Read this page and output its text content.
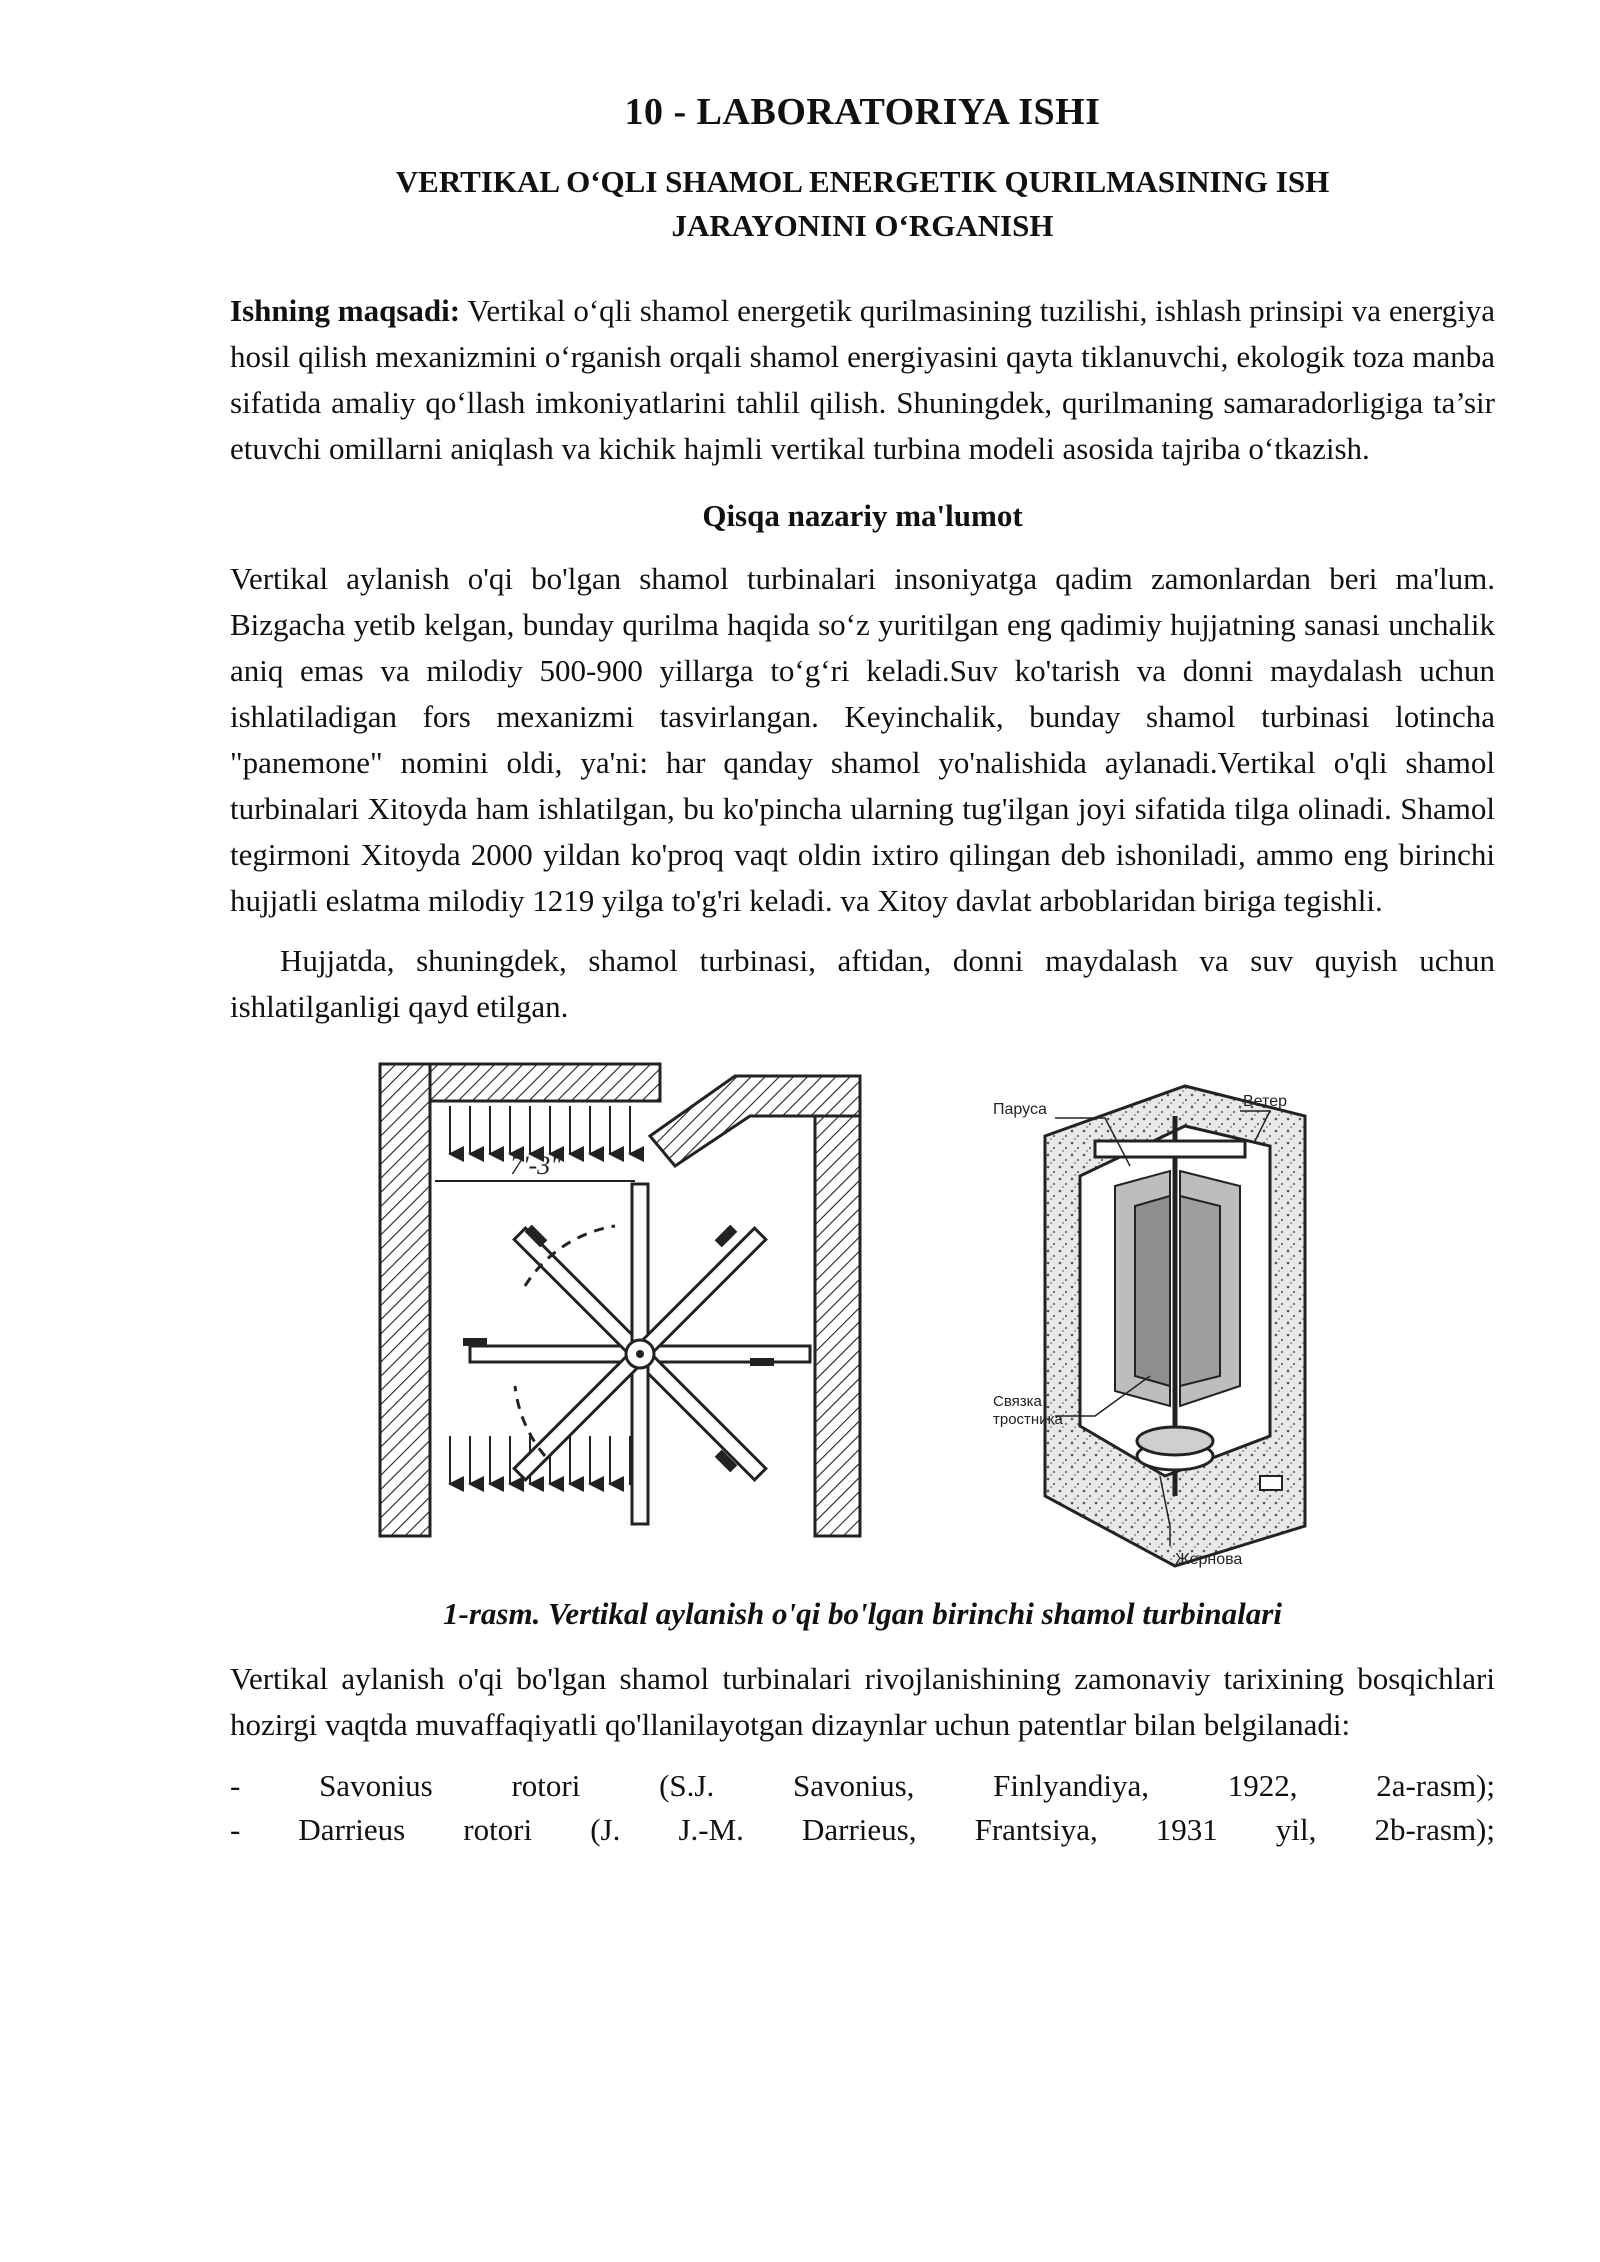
10 - LABORATORIYA ISHI
VERTIKAL O‘QLI SHAMOL ENERGETIK QURILMASINING ISH
JARAYONINI O‘RGANISH

Ishning maqsadi: Vertikal o‘qli shamol energetik qurilmasining tuzilishi, ishlash prinsipi va energiya hosil qilish mexanizmini o‘rganish orqali shamol energiyasini qayta tiklanuvchi, ekologik toza manba sifatida amaliy qo‘llash imkoniyatlarini tahlil qilish. Shuningdek, qurilmaning samaradorligiga ta’sir etuvchi omillarni aniqlash va kichik hajmli vertikal turbina modeli asosida tajriba o‘tkazish.

Qisqa nazariy ma'lumot

Vertikal aylanish o'qi bo'lgan shamol turbinalari insoniyatga qadim zamonlardan beri ma'lum. Bizgacha yetib kelgan, bunday qurilma haqida so‘z yuritilgan eng qadimiy hujjatning sanasi unchalik aniq emas va milodiy 500-900 yillarga to‘g‘ri keladi.Suv ko'tarish va donni maydalash uchun ishlatiladigan fors mexanizmi tasvirlangan. Keyinchalik, bunday shamol turbinasi lotincha "panemone" nomini oldi, ya'ni: har qanday shamol yo'nalishida aylanadi.Vertikal o'qli shamol turbinalari Xitoyda ham ishlatilgan, bu ko'pincha ularning tug'ilgan joyi sifatida tilga olinadi. Shamol tegirmoni Xitoyda 2000 yildan ko'proq vaqt oldin ixtiro qilingan deb ishoniladi, ammo eng birinchi hujjatli eslatma milodiy 1219 yilga to'g'ri keladi. va Xitoy davlat arboblaridan biriga tegishli.

Hujjatda, shuningdek, shamol turbinasi, aftidan, donni maydalash va suv quyish uchun ishlatilganligi qayd etilgan.

7'-3"
Паруса	Ветер
Связка
тростника
Жернова
1-rasm. Vertikal aylanish o'qi bo'lgan birinchi shamol turbinalari

Vertikal aylanish o'qi bo'lgan shamol turbinalari rivojlanishining zamonaviy tarixining bosqichlari hozirgi vaqtda muvaffaqiyatli qo'llanilayotgan dizaynlar uchun patentlar bilan belgilanadi:

-	Savonius	rotori	(S.J.	Savonius,	Finlyandiya,	1922,	2a-rasm);
- Darrieus rotori (J. J.-M. Darrieus, Frantsiya, 1931 yil, 2b-rasm);
